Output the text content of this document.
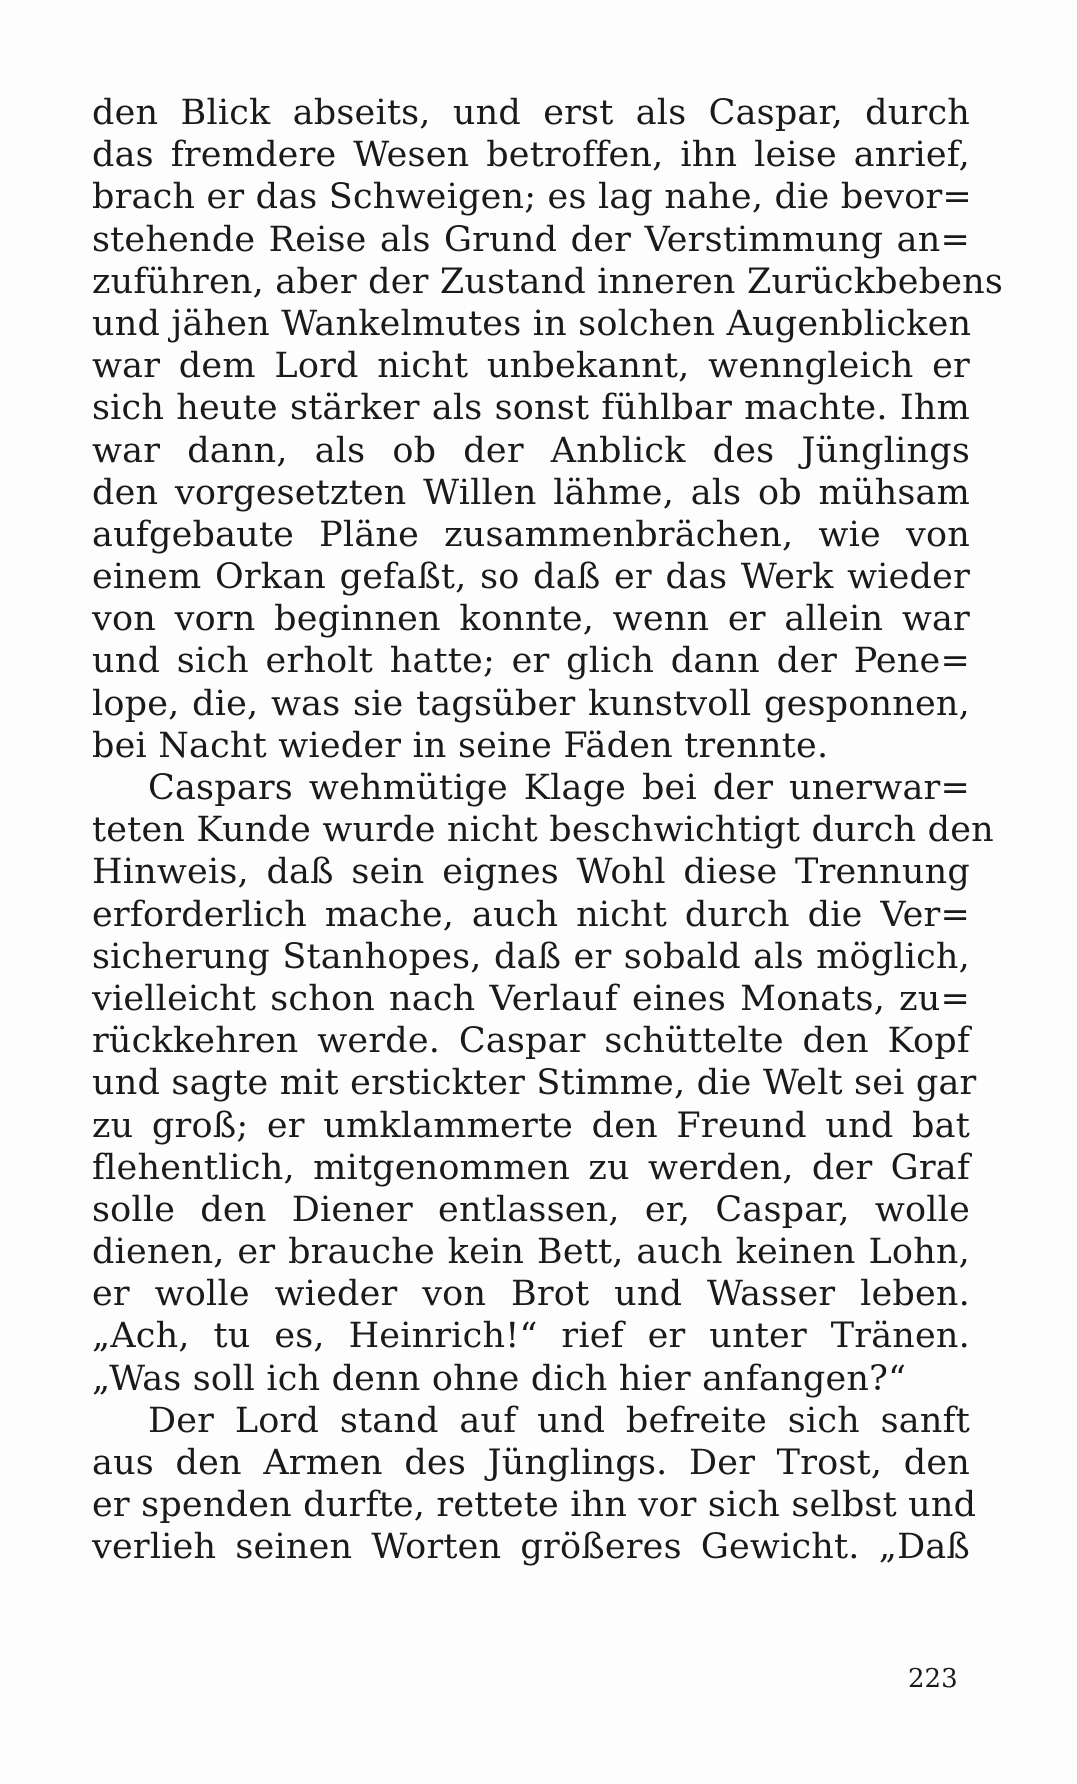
den Blick abseits, und erst als Caspar, durch
das fremdere Wesen betroffen, ihn leise anrief,
brach er das Schweigen; es lag nahe, die bevor=
stehende Reise als Grund der Verstimmung an=
zuführen, aber der Zustand inneren Zurückbebens
und jähen Wankelmutes in solchen Augenblicken
war dem Lord nicht unbekannt, wenngleich er
sich heute stärker als sonst fühlbar machte. Ihm
war dann, als ob der Anblick des Jünglings
den vorgesetzten Willen lähme, als ob mühsam
aufgebaute Pläne zusammenbrächen, wie von
einem Orkan gefaßt, so daß er das Werk wieder
von vorn beginnen konnte, wenn er allein war
und sich erholt hatte; er glich dann der Pene=
lope, die, was sie tagsüber kunstvoll gesponnen,
bei Nacht wieder in seine Fäden trennte.
Caspars wehmütige Klage bei der unerwar=
teten Kunde wurde nicht beschwichtigt durch den
Hinweis, daß sein eignes Wohl diese Trennung
erforderlich mache, auch nicht durch die Ver=
sicherung Stanhopes, daß er sobald als möglich,
vielleicht schon nach Verlauf eines Monats, zu=
rückkehren werde. Caspar schüttelte den Kopf
und sagte mit erstickter Stimme, die Welt sei gar
zu groß; er umklammerte den Freund und bat
flehentlich, mitgenommen zu werden, der Graf
solle den Diener entlassen, er, Caspar, wolle
dienen, er brauche kein Bett, auch keinen Lohn,
er wolle wieder von Brot und Wasser leben.
„Ach, tu es, Heinrich!“ rief er unter Tränen.
„Was soll ich denn ohne dich hier anfangen?“
Der Lord stand auf und befreite sich sanft
aus den Armen des Jünglings. Der Trost, den
er spenden durfte, rettete ihn vor sich selbst und
verlieh seinen Worten größeres Gewicht. „Daß
223
